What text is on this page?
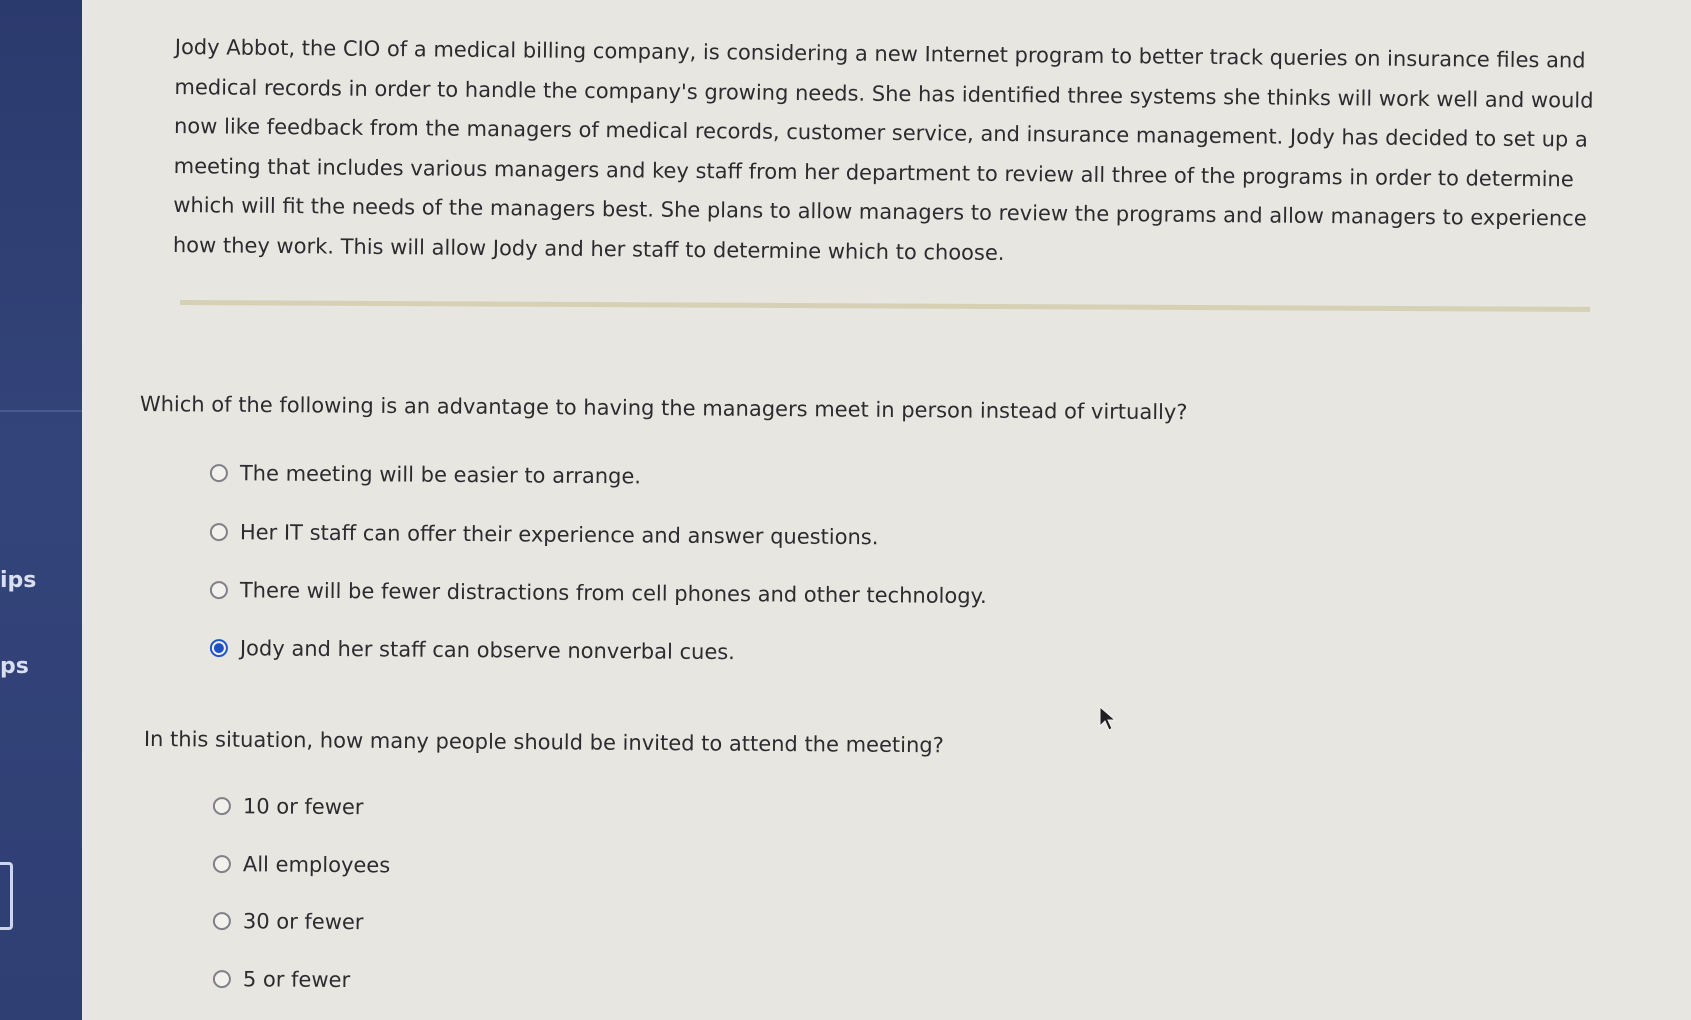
ips
ps

Jody Abbot, the CIO of a medical billing company, is considering a new Internet program to better track queries on insurance files and

medical records in order to handle the company's growing needs. She has identified three systems she thinks will work well and would

now like feedback from the managers of medical records, customer service, and insurance management. Jody has decided to set up a

meeting that includes various managers and key staff from her department to review all three of the programs in order to determine

which will fit the needs of the managers best. She plans to allow managers to review the programs and allow managers to experience

how they work. This will allow Jody and her staff to determine which to choose.

Which of the following is an advantage to having the managers meet in person instead of virtually?
The meeting will be easier to arrange.
Her IT staff can offer their experience and answer questions.
There will be fewer distractions from cell phones and other technology.
Jody and her staff can observe nonverbal cues.
In this situation, how many people should be invited to attend the meeting?
10 or fewer
All employees
30 or fewer
5 or fewer
